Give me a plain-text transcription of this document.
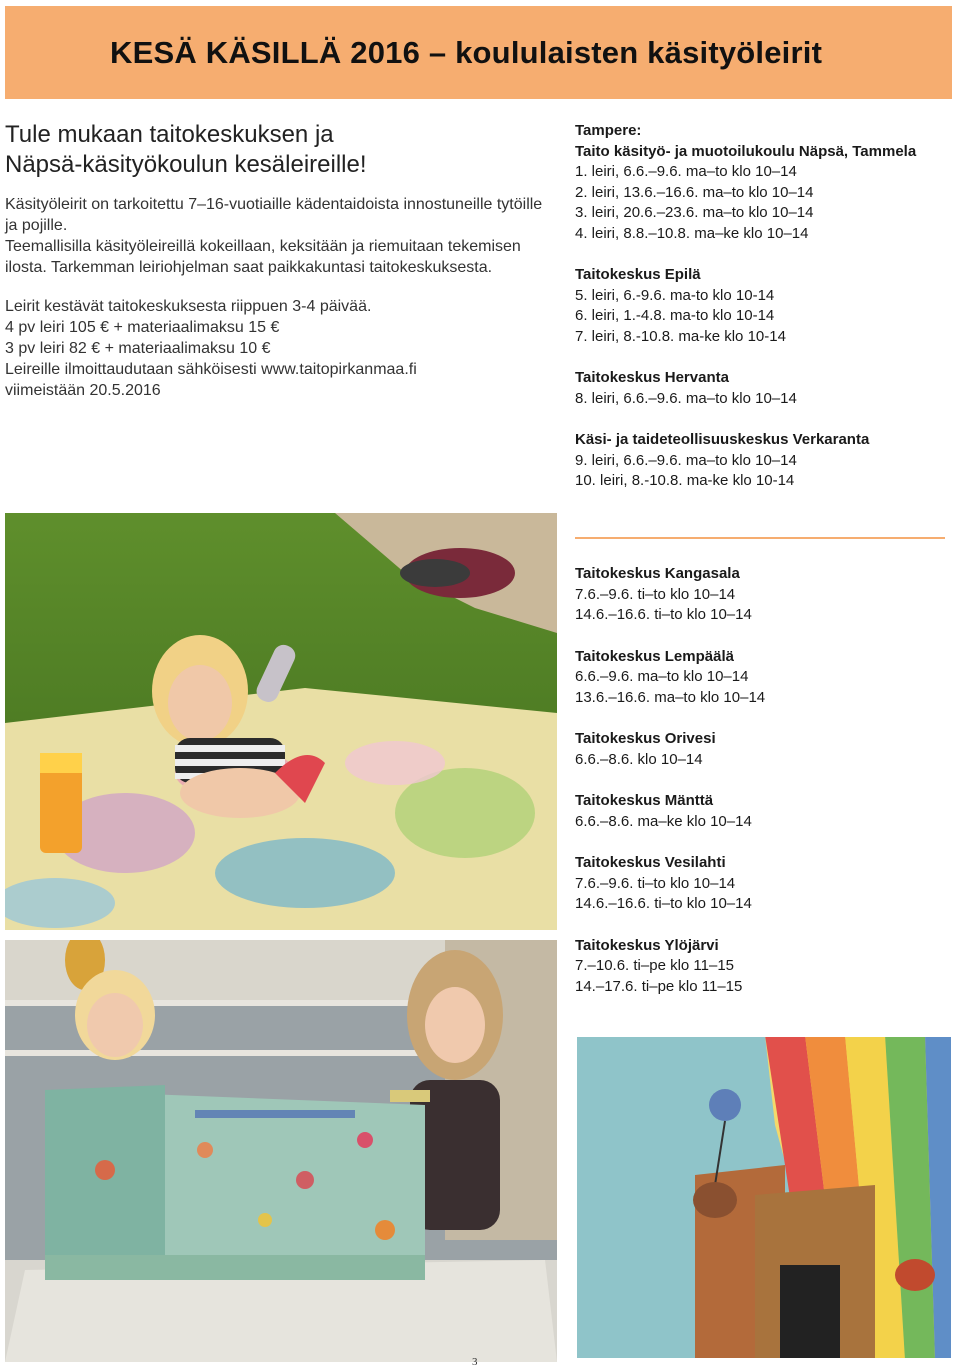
KESÄ KÄSILLÄ 2016 – koululaisten käsityöleirit
Tule mukaan taitokeskuksen ja
Näpsä-käsityökoulun kesäleireille!

Käsityöleirit on tarkoitettu 7–16-vuotiaille kädentaidoista innostuneille tytöille ja pojille.

Teemallisilla käsityöleireillä kokeillaan, keksitään ja riemuitaan tekemisen ilosta. Tarkemman leiriohjelman saat paikkakuntasi taitokeskuksesta.

Leirit kestävät taitokeskuksesta riippuen 3-4 päivää.

4 pv leiri 105 € + materiaalimaksu 15 €

3 pv leiri 82 € + materiaalimaksu 10 €

Leireille ilmoittaudutaan sähköisesti www.taitopirkanmaa.fi

viimeistään 20.5.2016

Tampere:
Taito käsityö- ja muotoilukoulu Näpsä, Tammela
1. leiri, 6.6.–9.6. ma–to klo 10–14
2. leiri, 13.6.–16.6. ma–to klo 10–14
3. leiri, 20.6.–23.6. ma–to klo 10–14
4. leiri, 8.8.–10.8. ma–ke klo 10–14
Taitokeskus Epilä
5. leiri, 6.-9.6. ma-to klo 10-14
6. leiri, 1.-4.8. ma-to klo 10-14
7. leiri, 8.-10.8. ma-ke klo 10-14
Taitokeskus Hervanta
8. leiri, 6.6.–9.6. ma–to klo 10–14
Käsi- ja taideteollisuuskeskus Verkaranta
9. leiri, 6.6.–9.6. ma–to klo 10–14
10. leiri, 8.-10.8. ma-ke klo 10-14
Taitokeskus Kangasala
7.6.–9.6. ti–to klo 10–14
14.6.–16.6. ti–to klo 10–14
Taitokeskus Lempäälä
6.6.–9.6. ma–to klo 10–14
13.6.–16.6. ma–to klo 10–14
Taitokeskus Orivesi
6.6.–8.6. klo 10–14
Taitokeskus Mänttä
6.6.–8.6. ma–ke klo 10–14
Taitokeskus Vesilahti
7.6.–9.6. ti–to klo 10–14
14.6.–16.6. ti–to klo 10–14
Taitokeskus Ylöjärvi
7.–10.6. ti–pe klo 11–15
14.–17.6. ti–pe klo 11–15
3
